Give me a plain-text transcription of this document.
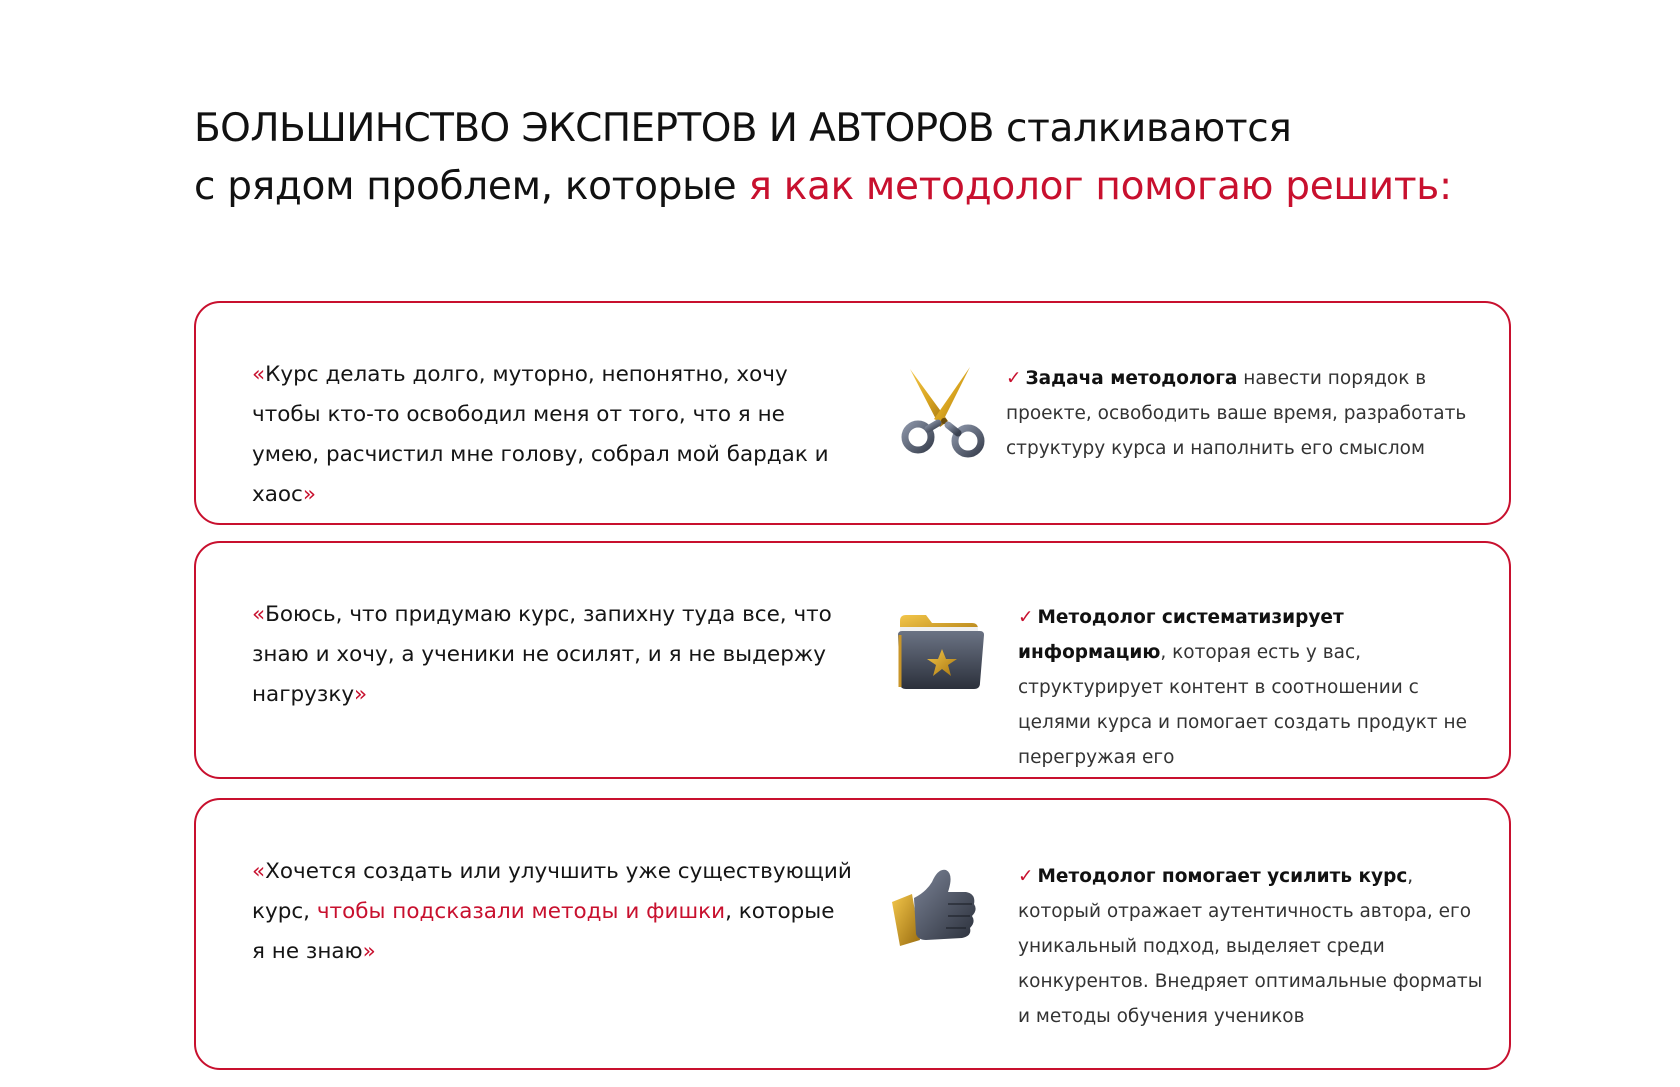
БОЛЬШИНСТВО ЭКСПЕРТОВ И АВТОРОВ сталкиваются
с рядом проблем, которые я как методолог помогаю решить:

«Курс делать долго, муторно, непонятно, хочу чтобы кто-то освободил меня от того, что я не умею, расчистил мне голову, собрал мой бардак и хаос»

✓ Задача методолога навести порядок в проекте, освободить ваше время, разработать структуру курса и наполнить его смыслом

«Боюсь, что придумаю курс, запихну туда все, что знаю и хочу, а ученики не осилят, и я не выдержу нагрузку»

✓ Методолог систематизирует информацию, которая есть у вас, структурирует контент в соотношении с целями курса и помогает создать продукт не перегружая его

«Хочется создать или улучшить уже существующий курс, чтобы подсказали методы и фишки, которые я не знаю»

✓ Методолог помогает усилить курс, который отражает аутентичность автора, его уникальный подход, выделяет среди конкурентов. Внедряет оптимальные форматы и методы обучения учеников
